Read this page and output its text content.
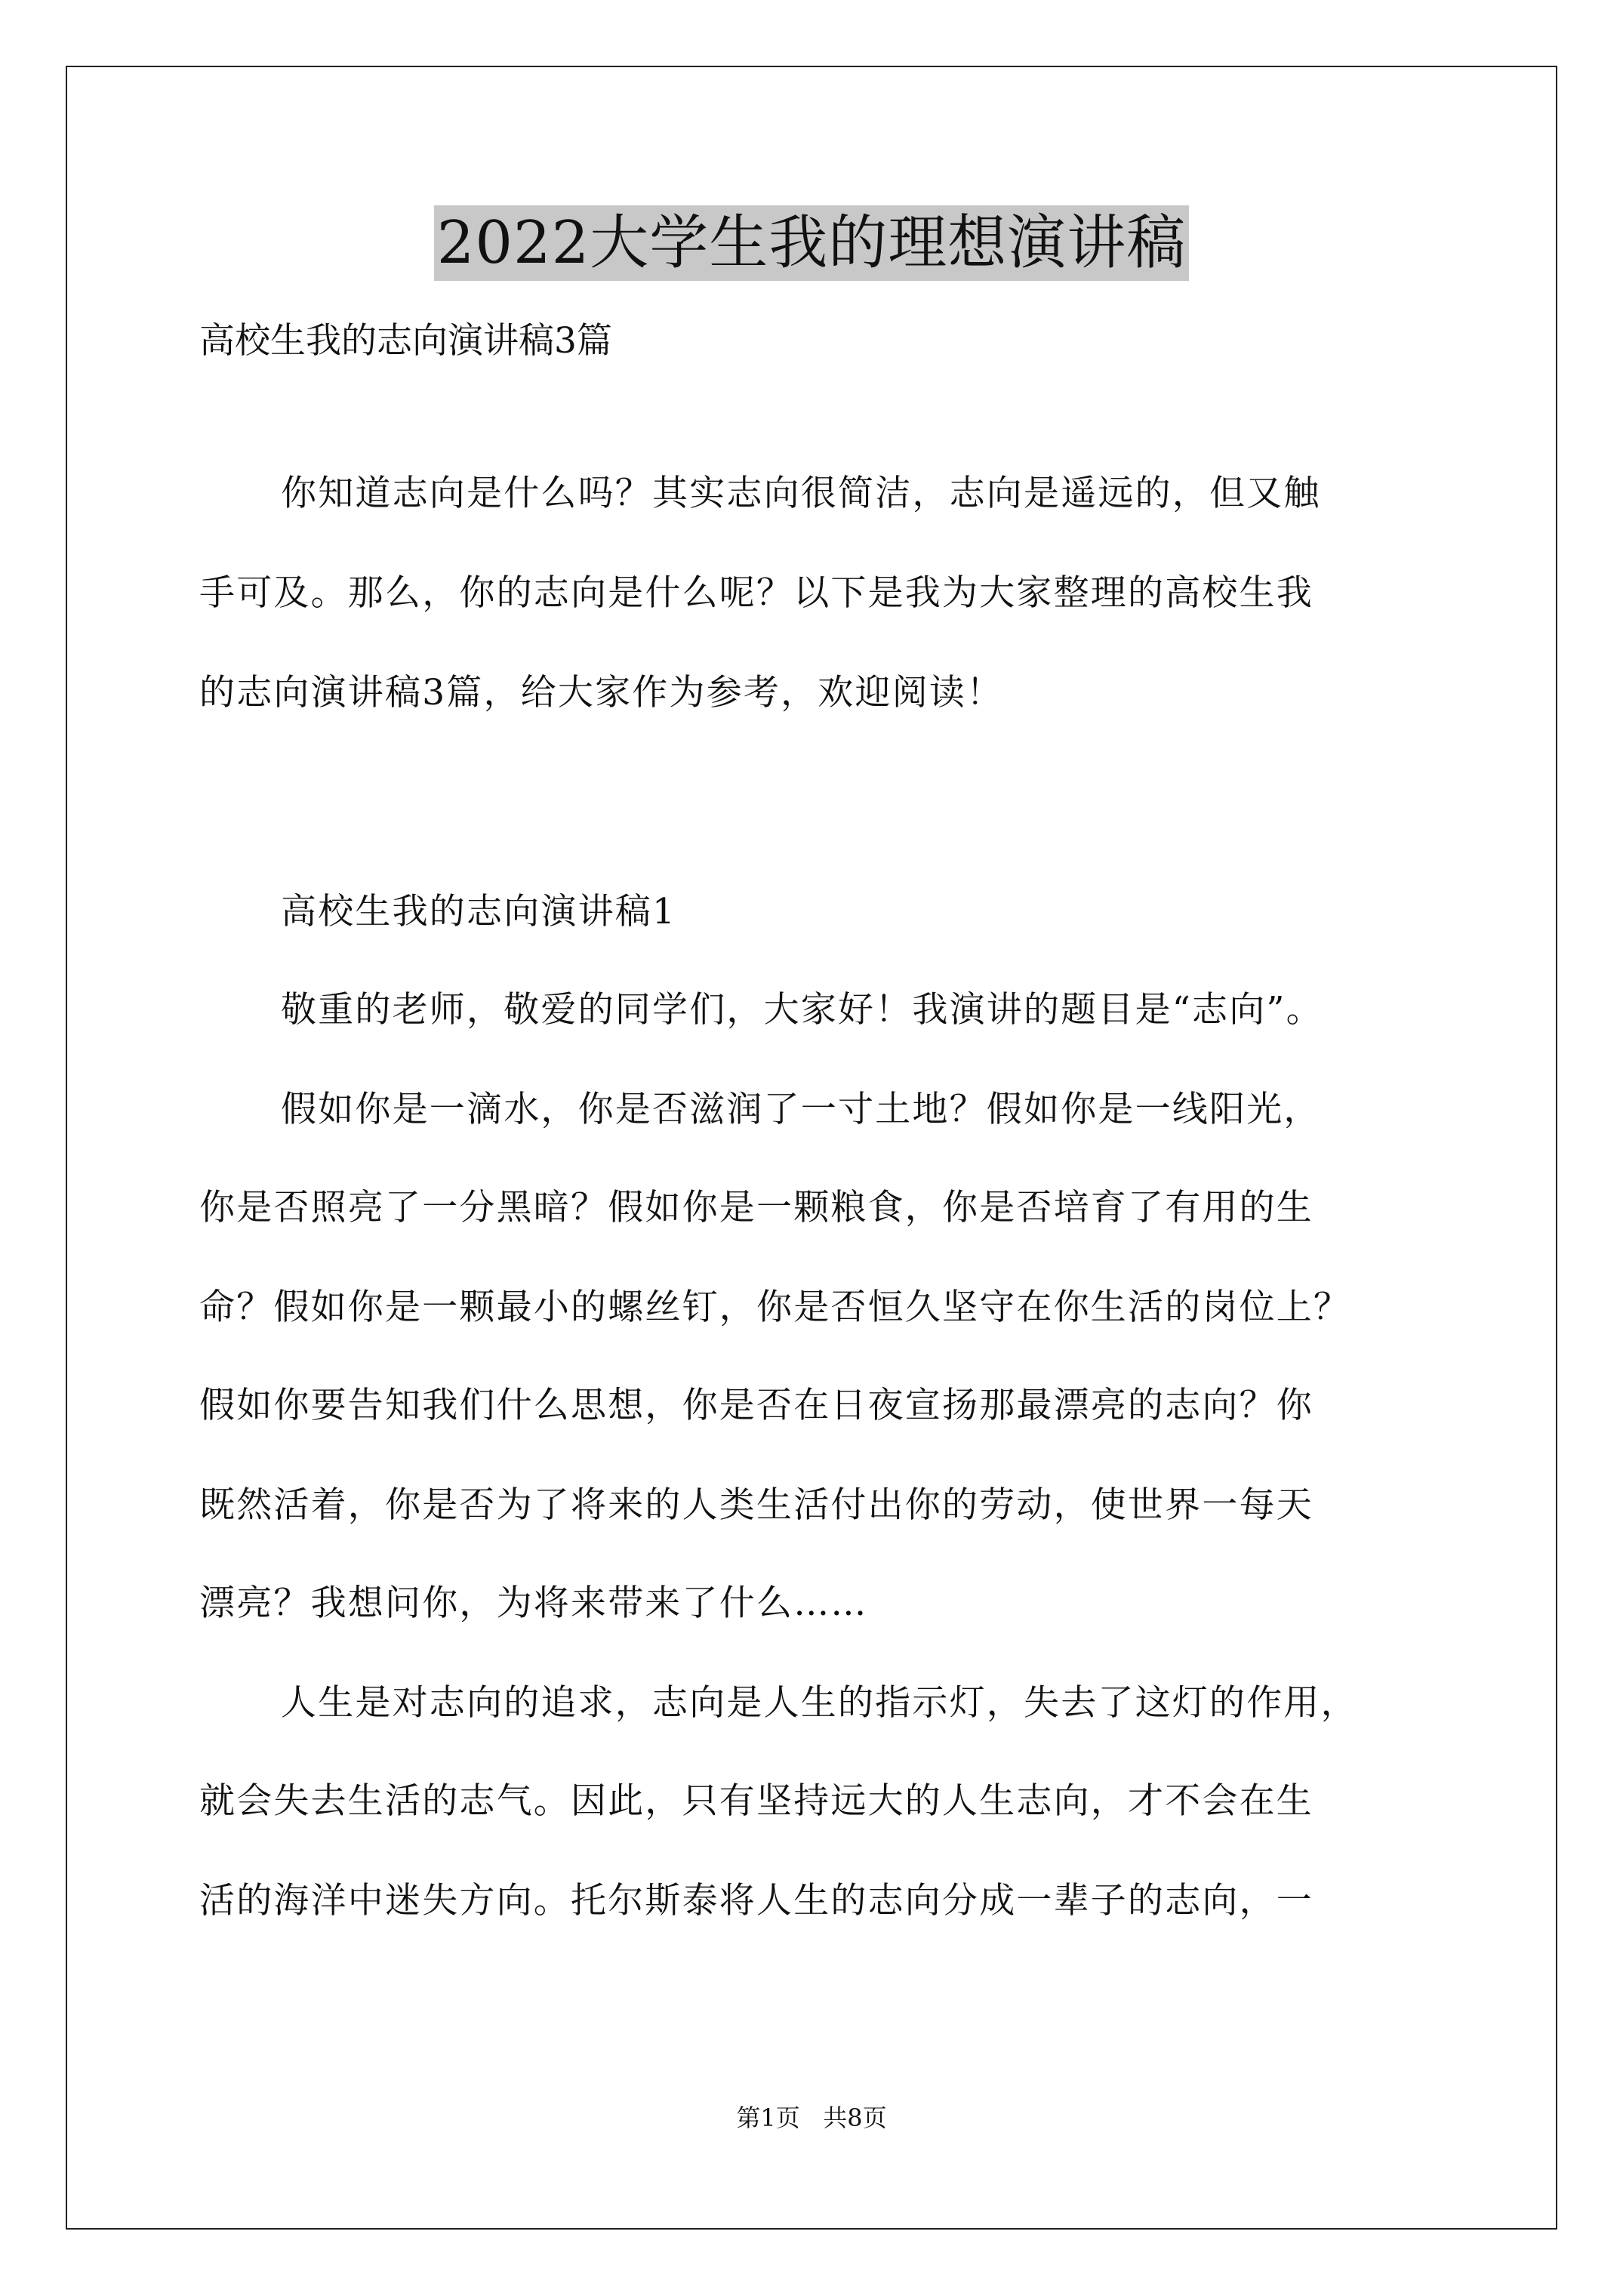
2022大学生我的理想演讲稿
高校生我的志向演讲稿3篇
你知道志向是什么吗？其实志向很简洁，志向是遥远的，但又触
手可及。那么，你的志向是什么呢？以下是我为大家整理的高校生我
的志向演讲稿3篇，给大家作为参考，欢迎阅读！
高校生我的志向演讲稿1
敬重的老师，敬爱的同学们，大家好！我演讲的题目是“志向”。
假如你是一滴水，你是否滋润了一寸土地？假如你是一线阳光，
你是否照亮了一分黑暗？假如你是一颗粮食，你是否培育了有用的生
命？假如你是一颗最小的螺丝钉，你是否恒久坚守在你生活的岗位上？
假如你要告知我们什么思想，你是否在日夜宣扬那最漂亮的志向？你
既然活着，你是否为了将来的人类生活付出你的劳动，使世界一每天
漂亮？我想问你，为将来带来了什么……
人生是对志向的追求，志向是人生的指示灯，失去了这灯的作用，
就会失去生活的志气。因此，只有坚持远大的人生志向，才不会在生
活的海洋中迷失方向。托尔斯泰将人生的志向分成一辈子的志向，一
第1页   共8页
